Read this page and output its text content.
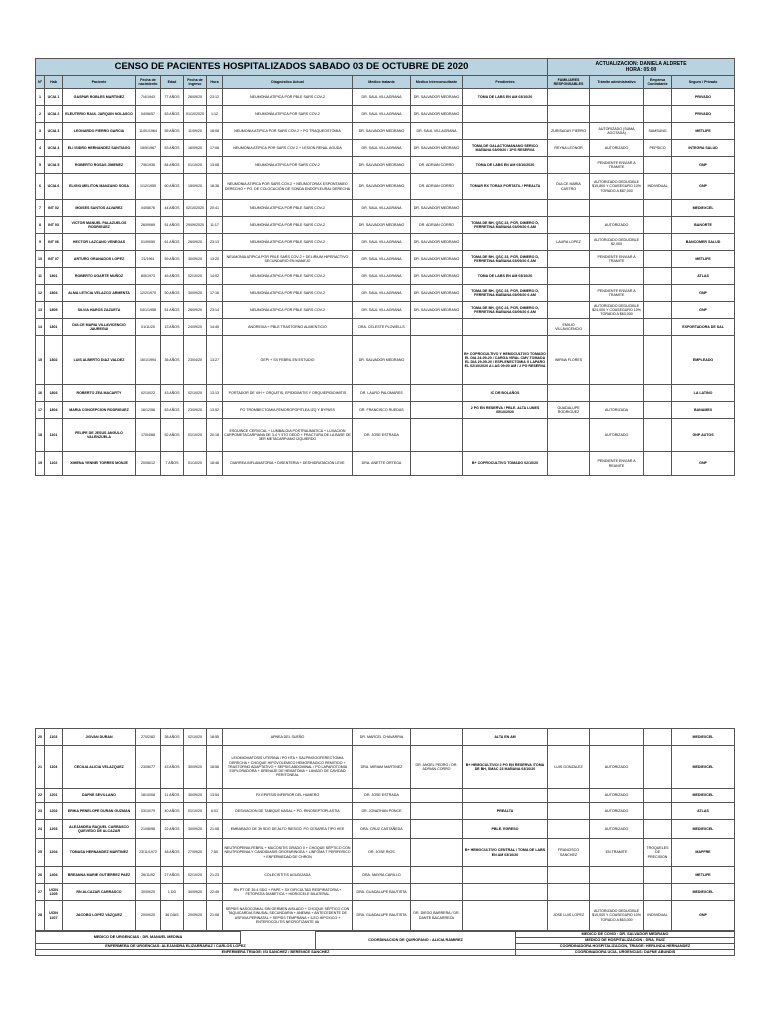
CENSO DE PACIENTES HOSPITALIZADOS SABADO 03 DE OCTUBRE DE 2020											ACTUALIZACION: DANIELA ALDRETE
HORA: 05:00			

Nº	Hab	Paciente	Fecha de nacimiento	Edad	Fecha de ingreso	Hora	Diagnóstico Actual	Medico tratante	Medico Interconsultante	Pendientes	FAMILIARES RESPONSABLES	Trámite administrativo	Empresa Contratante	Seguro / Privado
1	UCIA 1	GASPAR ROBLES MARTINEZ	7/4/1943	77 AÑOS	26/09/20	23:12	NEUMONÍA ATIPICA POR PBLE SARS COV-2	DR. SAUL VILLAGRANA	DR. SALVADOR MEDRANO	TOMA DE LABS EN AM 03/10/20				PRIVADO
2	UCIA 2	ELEUTERIO RAUL JARQUIN NOLASCO	04/06/57	63 AÑOS	01/10/2020	1:12	NEUMONÍA ATIPICA POR SARS COV-2	DR. SAUL VILLAGRANA	DR. SALVADOR MEDRANO					PRIVADO
3	UCIA 3	LEONARDO FIERRO GARCIA	11/01/1964	55 AÑOS	11/09/20	18:08	NEUMONIA ATIPICA POR SARS COV-2 + PO TRAQUEOSTOMIA	DR. SALVADOR MEDRANO	DR. SAUL VILLAGRANA		ZURISADAY FIERRO	AUTORIZADO (SUMA AGOTADA)	SAMSUNG	METLIFE
4	UCIA 4	ELI ISIDRO HERNANDEZ SANTIAGO	15/5/1967	53 AÑOS	16/09/20	17:08	NEUMONIA ATIPICA POR SARS COV 2 + LESION RENAL AGUDA	DR. SAUL VILLAGRANA	DR. SALVADOR MEDRANO	TOMA DE GALACTOMANANO SERICO MAÑANA 03/09/20 / 1PG RESERVA	REYNA LEONOR	AUTORIZADO	PEPSICO	INTEGRA SALUD
5	UCIA 5	ROBERTO ROSAS JIMENEZ	7/6/1936	84 AÑOS	01/10/20	13:08	NEUMONÍA ATIPICA POR SARS COV-2	DR. SALVADOR MEDRANO	DR. ADRIAN CORRO	TOMA DE LABS EN AM 03/10/2020		PENDIENTE ENVIAR A TRAMITE		GNP
6	UCIA 6	ELIGIO MELITON MANZANO SOSA	1/12/1959	60 AÑOS	15/09/20	18:36	NEUMONIA ATIPICA POR SARS COV-2 + NEUMOTORAX ESPONTANEO DERECHO + PO. DE COLOCACIÓN DE SONDA ENDOPLEURAL DERECHA	DR. SALVADOR MEDRANO	DR. ADRIAN CORRO	TOMAR RX TORAX PORTATIL / PREALTA	DULCE MARIA CASTRO	AUTORIZADO DEDUCIBLE $15,800 Y COASEGURO 10% TORADO A $87,000	INDIVIDUAL	GNP
7	INT 02	MOISES SANTOS ALVAREZ	04/08/76	44 AÑOS	02/10/2020	20:41	NEUMONÍA ATIPICA POR PBLE SARS COV-2	DR. SAUL VILLAGRANA	DR. SALVADOR MEDRANO					MEDIEXCEL
8	INT 03	VICTOR MANUEL PALAZUELOS RODRIGUEZ	26/09/69	51 AÑOS	29/09/2020	11:17	NEUMONÍA ATIPICA POR PBLE SARS COV-2	DR. SALVADOR MEDRANO	DR. ADRIAN CORRO	TOMA DE BH, QSC 23, PCR, DIMERO D, FERRETINA MAÑANA 03/09/20 6 AM		AUTORIZADO		BANORTE
9	INT 06	HECTOR LAZCANO VENEGAS	01/09/59	61 AÑOS	26/09/20	23:13	NEUMONÍA ATIPICA POR PBLE SARS COV-2	DR. SAUL VILLAGRANA	DR. SALVADOR MEDRANO		LAURA LOPEZ	AUTORIZADO DEDUCIBLE $2,000		BANCOMER SALUD
10	INT 07	ARTURO GRANADOS LOPEZ	21/1961	59 AÑOS	30/09/20	13:20	NEUMONIA ATIPICA POR PBLE SARS COV-2 + DELIRIUM HIPERACTIVO SECUNDARIO EN MANEJO	DR. SAUL VILLAGRANA	DR. SALVADOR MEDRANO	TOMA DE BH, QSC 23, PCR, DIMERO D, FERRETINA MAÑANA 03/09/20 6 AM		PENDIENTE ENVIAR A TRAMITE		METLIFE
11	1801	ROBERTO UGARTE MUÑOZ	8/5/1973	45 AÑOS	02/10/20	14:02	NEUMONÍA ATIPICA POR PBLE SARS COV-2	DR. SAUL VILLAGRANA	DR. SALVADOR MEDRANO	TOMA DE LABS EN AM 03/10/20				ATLAS
12	1804	ALMA LETICIA VELAZCO ARMENTA	12/2/1970	50 AÑOS	30/09/20	17:16	NEUMONÍA ATIPICA POR PBLE SARS COV-2	DR. SAUL VILLAGRANA	DR. SALVADOR MEDRANO	TOMA DE BH, QSC 23, PCR, DIMERO D, FERRETINA MAÑANA 03/09/20 6 AM		PENDIENTE ENVIAR A TRAMITE		GNP
13	1805	SILVIA HAROS ZAZUETA	04/1/1958	51 AÑOS	26/09/20	23:14	NEUMONÍA ATIPICA POR PBLE SARS COV-2	DR. SAUL VILLAGRANA	DR. SALVADOR MEDRANO	TOMA DE BH, QSC 23, PCR, DIMERO D, FERRETINA MAÑANA 03/09/20 6 AM		AUTORIZADO DEDUCIBLE $24,000 Y COASEGURO 10% TORADO A $63,000		GNP
14	1801	DULCE MARIA VILLAVICENCIO JAUREGUI	01/11/20	13 AÑOS	24/09/20	14:45	ANOREXIA + PBLE TRASTORNO ALIMENTICIO	DRA. CELESTE PLOWELLS			EMILIO VILLAVICENCIO			EXPORTADORA DE SAL
15	1802	LUIS ALBERTO DIAZ VALDEZ	16/1/1994	36 AÑOS	23/04/20	13:27	GEPI + SX FEBRIL EN ESTUDIO	DR. SALVADOR MEDRANO		B+ COPROCULTIVO Y HEMOCULTIVO TOMADO EL DIA 24-09-20 / CARGA VIRAL CMV TOMADA EL DIA 29-09-20 / ESPLENECTOMIA X LAPARO EL 02/10/2020 A LAS 09:00 AM / 2 PG RESERVA	WIRNA FLORES			EMPLEADO
16	1803	ROBERTO ZEA MACARTY	02/10/22	43 AÑOS	02/10/20	13:13	PORTADOR DE VIH + ORQUITIS, EPIDIDIMITIS Y ORQUIEPIDIDIMITIS	DR. LAURO PALOMARES		IC DR BOLAÑOS				LA LATINO
17	1804	MARIA CONCEPCION RODRIGUEZ	16/12/56	63 AÑOS	23/09/20	13:52	PO TROMBECTOMIA FEMOROPOPITLEA IZQ Y BYPASS	DR. FRANCISCO RUEDAS		2 PG EN RESERVA / PBLE. ALTA LUNES 05/10/2020	GUADALUPE RODRIGUEZ	AUTORIZADA		BANAMEX
18	1101	FELIPE DE JESUS ANGULO VALENZUELA	17/04/68	52 AÑOS	01/10/20	20:18	ESGUINCE CERVICAL + LUMBALGIA POSTRAUMATICA + LUXACION CARPOMETACARPIANA DE 3-4 Y 5TO DEDO + FRACTURA DE LA BASE DE 3ER METACARPIANO IZQUIERDO	DR. JOSE ESTRADA				AUTORIZADO		GNP AUTOS
19	1102	XIMENA YENNEI TORRES MONJE	20/06/12	7 AÑOS	01/10/20	18:46	DIARREA INFLAMATORIA + DISENTERIA + DESHIDRATACION LEVE	DRA. ANETTE ORTEGA		B+ COPROCULTIVO TOMADO 02/10/20		PENDIENTE ENVIAR A REANITE		GNP
20	1103	JIOVAN DURAN	27/02/82	38 AÑOS	02/10/20	18:55	APNEA DEL SUEÑO	DR. MARCEL CHAVARRIA		ALTA EN AM				MEDIEXCEL
21	1104	CECILIA ALICIA VELAZQUEZ	23/06/77	43 AÑOS	30/09/20	18:56	LEIOMIOMATOSIS UTERINA / PO HTA + SALPINGOOFERECTOMIA DERECHA + CHOQUE HIPOVOLEMICO HEMORRAGICO REMITIDO + TRASTORNO ADAPTATIVO + SEPSIS ABDOMINAL / PO LAPAROTOMIA EXPLORADORA + DRENAJE DE HEMATOMA + LAVADO DE CAVIDAD PERITONEAL	DRA. MIRIAM MARTINEZ	DR. ANGEL PEDRO / DR. ADRIAN CORRO	B+ HEMOCULTIVO/ 2 PG EN RESERVA /TOMA DE BH, SMAC 23 MAÑANA 03/10/20	LUIS GONZALEZ	AUTORIZADO		MEDIEXCEL
22	1201	DAFNE SEVILLANO	16/10/08	11 AÑOS	30/09/20	13:54	FX EPIFISIS INFERIOR DEL HUMERO	DR. JOSE ESTRADA				AUTORIZADO		MEDIEXCEL
23	1202	ERIKA PENELOPE DURAN GUZMAN	03/10/79	40 AÑOS	01/10/20	6:01	DESVIACION DE TABIQUE NASAL + PO. RINOSEPTOPLASTIA	DR. JONATHAN PONCE		PREALTA		AUTORIZADO		ATLAS
24	1203	ALEJANDRA RAQUEL CARRASCO QUEVEDO DE ALCAZAR	21/06/98	22 AÑOS	30/09/20	21:08	EMBARAZO DE 39 SDG DE ALTO RIESGO. PO CESAREA TIPO KEE	DRA. CRUZ CASTAÑEDA		PBLE. EGRESO		AUTORIZADO		MEDIEXCEL
25	1204	TOMASA HERNANDEZ MARTINEZ	23/11/1972	48 AÑOS	27/09/20	7:50	NEUTROPENIA FEBRIL + MUCOSITIS GRADO II + CHOQUE SÉPTICO CON NEUTROPENIA Y CANDIDIASIS OROFARINGEA + LINFOMA T PERIFERICO + ENFERMEDAD DE CHRON	DR. JOSE RIOS		B+ HEMOCULTIVO CENTRAL / TOMA DE LABS EN AM 03/10/20	FRANCISCO SANCHEZ	EN TRAMITE	TROQUELES DE PRECISION	MAPFRE
26	1404	BREANNA MARIE GUTIERREZ PAEZ	26/11/92	27 AÑOS	02/10/20	21:23	COLECISTITIS AGUDIZADA	DRA. MAYRA CARILLO						METLIFE
27	UCIN 1205	RN ALCAZAR CARRASCO	30/09/20	1 DD	30/09/20	22:49	RN PT DE 39.4 SDG + PAPE + SX DIFICULTAD RESPIRATORIA + FETOPATIA DIABETICA + HIDROCELE BILATERAL	DRA. GUADALUPE BAUTISTA						MEDIEXCEL
28	UCIN 1207	JACOBO LOPEZ VAZQUEZ	20/09/20	36 DÍAS	20/09/20	21:08	SEPSIS NASOCOMIAL SIN GERMEN AISLADO + CHOQUE SÉPTICO CON TAQUICARDIA SINUSAL SECUNDARIA + ANEMIA + ANTECEDENTE DE ASFIXIA PERINATAL + SEPSIS TEMPRANA + ILEO HIPOXICO + ENTEROCOLITIS NECROTIZANTE IIA	DRA. GUADALUPE BAUTISTA	DR. DIEGO BARRERA / DR. DANTE BACARREZA		JOSE LUIS LOPEZ	AUTORIZADO DEDUCIBLE $10,000 Y COASEGURO 10% TORADO A $63,000	INDIVIDUAL	GNP
MEDICO DE URGENCIAS : DR. MANUEL MEDINA		COORDINACION DE QUIROFANO : ALICIA RAMIREZ	MEDICO DE COVID : DR. SALVADOR MEDRANO
			MEDICO DE HOSPITALIZACION : DRA. RUIZ
ENFERMERA DE URGENCIAS: ALEJANDRA ELIZARRARAZ / CARLOS LOPEZ			COORDINADORA HOSPITALIZACION, TRIAGE: HERLINDA HERNANDEZ
ENFERMERA TRIAGE: ISI SANCHEZ / BERENICE SANCHEZ			COORDINADORA UCIA, URGENCIAS: DAFNE ABUNDIS
